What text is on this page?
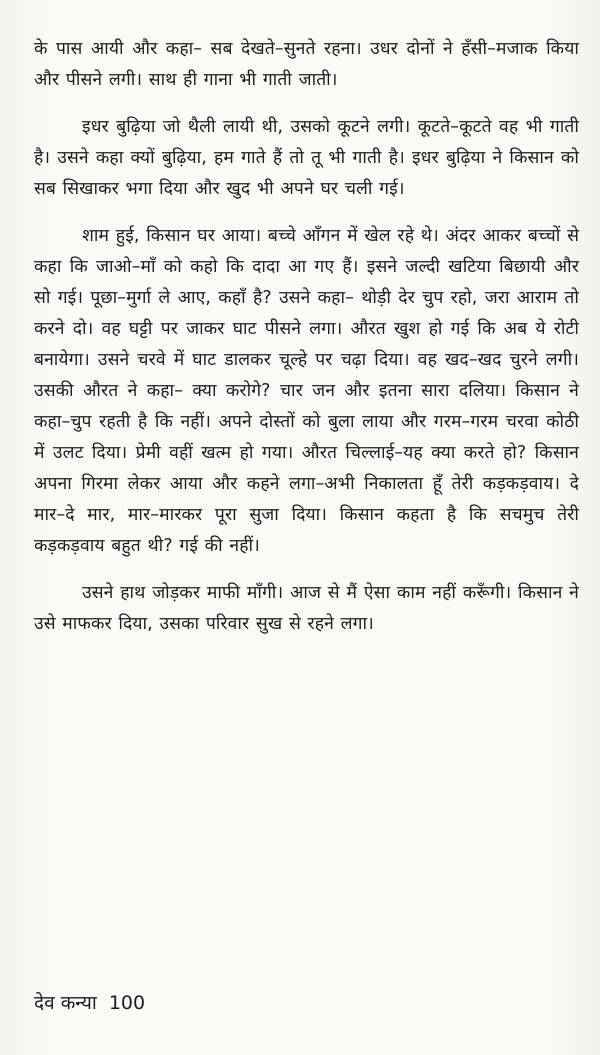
के पास आयी और कहा– सब देखते–सुनते रहना। उधर दोनों ने हँसी–मजाक किया और पीसने लगी। साथ ही गाना भी गाती जाती।

इधर बुढ़िया जो थैली लायी थी, उसको कूटने लगी। कूटते–कूटते वह भी गाती है। उसने कहा क्यों बुढ़िया, हम गाते हैं तो तू भी गाती है। इधर बुढ़िया ने किसान को सब सिखाकर भगा दिया और खुद भी अपने घर चली गई।

शाम हुई, किसान घर आया। बच्चे आँगन में खेल रहे थे। अंदर आकर बच्चों से कहा कि जाओ–माँ को कहो कि दादा आ गए हैं। इसने जल्दी खटिया बिछायी और सो गई। पूछा–मुर्गा ले आए, कहाँ है? उसने कहा– थोड़ी देर चुप रहो, जरा आराम तो करने दो। वह घट्टी पर जाकर घाट पीसने लगा। औरत खुश हो गई कि अब ये रोटी बनायेगा। उसने चरवे में घाट डालकर चूल्हे पर चढ़ा दिया। वह खद–खद चुरने लगी। उसकी औरत ने कहा– क्या करोगे? चार जन और इतना सारा दलिया। किसान ने कहा–चुप रहती है कि नहीं। अपने दोस्तों को बुला लाया और गरम–गरम चरवा कोठी में उलट दिया। प्रेमी वहीं खत्म हो गया। औरत चिल्लाई–यह क्या करते हो? किसान अपना गिरमा लेकर आया और कहने लगा–अभी निकालता हूँ तेरी कड़कड़वाय। दे मार–दे मार, मार–मारकर पूरा सुजा दिया। किसान कहता है कि सचमुच तेरी कड़कड़वाय बहुत थी? गई की नहीं।

उसने हाथ जोड़कर माफी माँगी। आज से मैं ऐसा काम नहीं करूँगी। किसान ने उसे माफकर दिया, उसका परिवार सुख से रहने लगा।

देव कन्या 100
